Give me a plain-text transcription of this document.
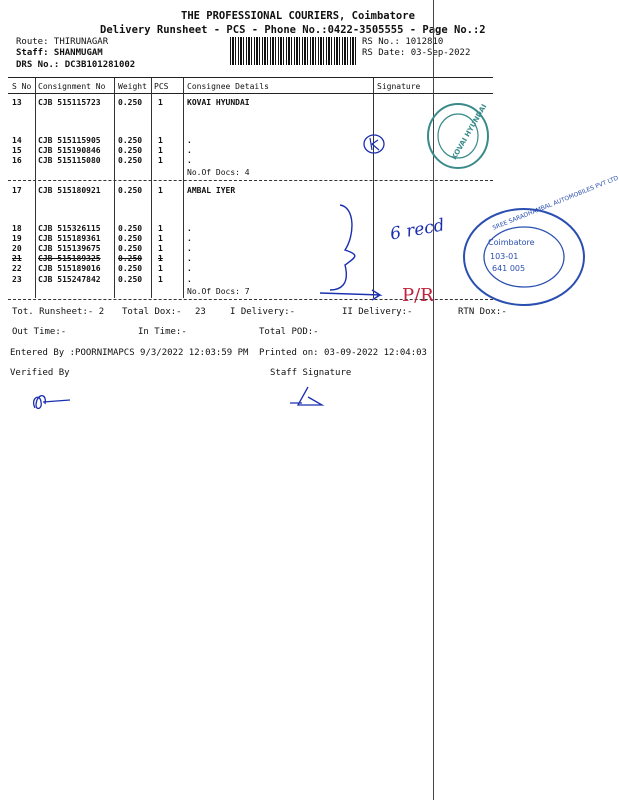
THE PROFESSIONAL COURIERS, Coimbatore
Delivery Runsheet - PCS - Phone No.:0422-3505555 - Page No.:2
Route: THIRUNAGAR
Staff: SHANMUGAM
DRS No.: DC3B101281002
RS No.: 1012810
RS Date: 03-Sep-2022
S No Consignment No Weight PCS Consignee Details	Signature
KOVAI HYUNDAI
13 CJB 515115723 0.250 1
14 CJB 515115905 0.250 1	.
15 CJB 515190846 0.250 1	.
16 CJB 515115080 0.250 1	.
No.Of Docs: 4
AMBAL IYER
17 CJB 515180921 0.250 1
18 CJB 515326115 0.250 1	.
19 CJB 515189361 0.250 1	.
20 CJB 515139675 0.250 1	.
21 CJB 515189325 0.250 1	.
22 CJB 515189016 0.250 1	.
23 CJB 515247842 0.250 1	.
No.Of Docs: 7
Tot. Runsheet:- 2 Total Dox:- 23	I Delivery:-	II Delivery:-	RTN Dox:-
Out Time:-	In Time:-	Total POD:-
Entered By :POORNIMAPCS 9/3/2022 12:03:59 PM Printed on: 03-09-2022 12:04:03
Verified By	Staff Signature
6 recd
P/R
KOVAI HYUNDAI
SREE SARADHAMBAL AUTOMOBILES PVT LTD
Coimbatore
103-01
641 005
